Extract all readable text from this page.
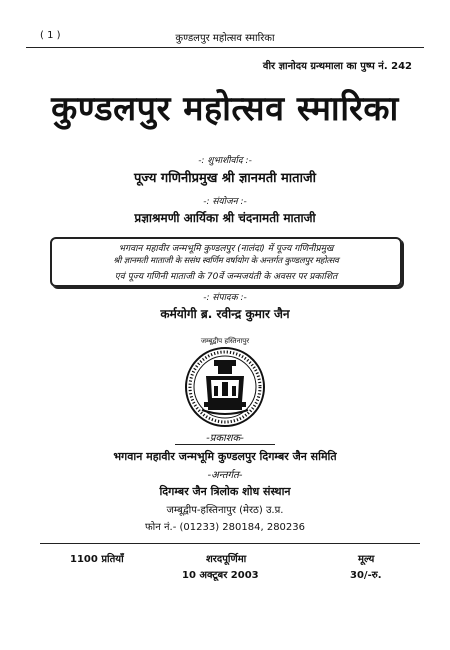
( 1 )	कुण्डलपुर महोत्सव स्मारिका
वीर ज्ञानोदय ग्रन्थमाला का पुष्प नं. 242
कुण्डलपुर महोत्सव स्मारिका
-: शुभाशीर्वाद :-
पूज्य गणिनीप्रमुख श्री ज्ञानमती माताजी
-: संयोजन :-
प्रज्ञाश्रमणी आर्यिका श्री चंदनामती माताजी

भगवान महावीर जन्मभूमि कुण्डलपुर (नालंदा) में पूज्य गणिनीप्रमुख

श्री ज्ञानमती माताजी के ससंघ स्वर्णिम वर्षायोग के अन्तर्गत कुण्डलपुर महोत्सव

एवं पूज्य गणिनी माताजी के 70वें जन्मजयंती के अवसर पर प्रकाशित

-: संपादक :-
कर्मयोगी ब्र. रवीन्द्र कुमार जैन
जम्बूद्वीप हस्तिनापुर
-प्रकाशक-
भगवान महावीर जन्मभूमि कुण्डलपुर दिगम्बर जैन समिति
-अन्तर्गत-
दिगम्बर जैन त्रिलोक शोध संस्थान
जम्बूद्वीप-हस्तिनापुर (मेरठ) उ.प्र.
फोन नं.- (01233) 280184, 280236
1100 प्रतियाँ	शरदपूर्णिमा
10 अक्टूबर 2003
मूल्य
30/-रु.
